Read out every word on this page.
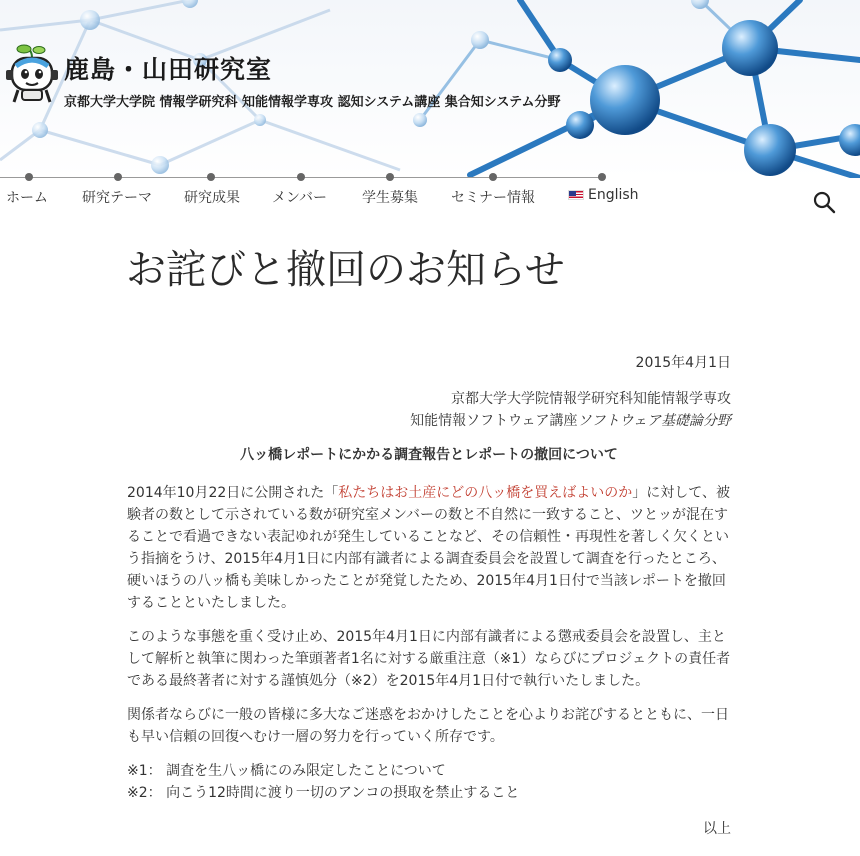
鹿島・山田研究室
京都大学大学院 情報学研究科 知能情報学専攻 認知システム講座 集合知システム分野
ホーム 研究テーマ 研究成果 メンバー 学生募集 セミナー情報	English
お詫びと撤回のお知らせ

2015年4月1日

京都大学大学院情報学研究科知能情報学専攻
知能情報ソフトウェア講座ソフトウェア基礎論分野

八ッ橋レポートにかかる調査報告とレポートの撤回について

2014年10月22日に公開された「私たちはお土産にどの八ッ橋を買えばよいのか」に対して、被験者の数として示されている数が研究室メンバーの数と不自然に一致すること、ツとッが混在することで看過できない表記ゆれが発生していることなど、その信頼性・再現性を著しく欠くという指摘をうけ、2015年4月1日に内部有識者による調査委員会を設置して調査を行ったところ、硬いほうの八ッ橋も美味しかったことが発覚したため、2015年4月1日付で当該レポートを撤回することといたしました。

このような事態を重く受け止め、2015年4月1日に内部有識者による懲戒委員会を設置し、主として解析と執筆に関わった筆頭著者1名に対する厳重注意（※1）ならびにプロジェクトの責任者である最終著者に対する謹慎処分（※2）を2015年4月1日付で執行いたしました。

関係者ならびに一般の皆様に多大なご迷惑をおかけしたことを心よりお詫びするとともに、一日も早い信頼の回復へむけ一層の努力を行っていく所存です。

※1： 調査を生八ッ橋にのみ限定したことについて
※2： 向こう12時間に渡り一切のアンコの摂取を禁止すること

以上
